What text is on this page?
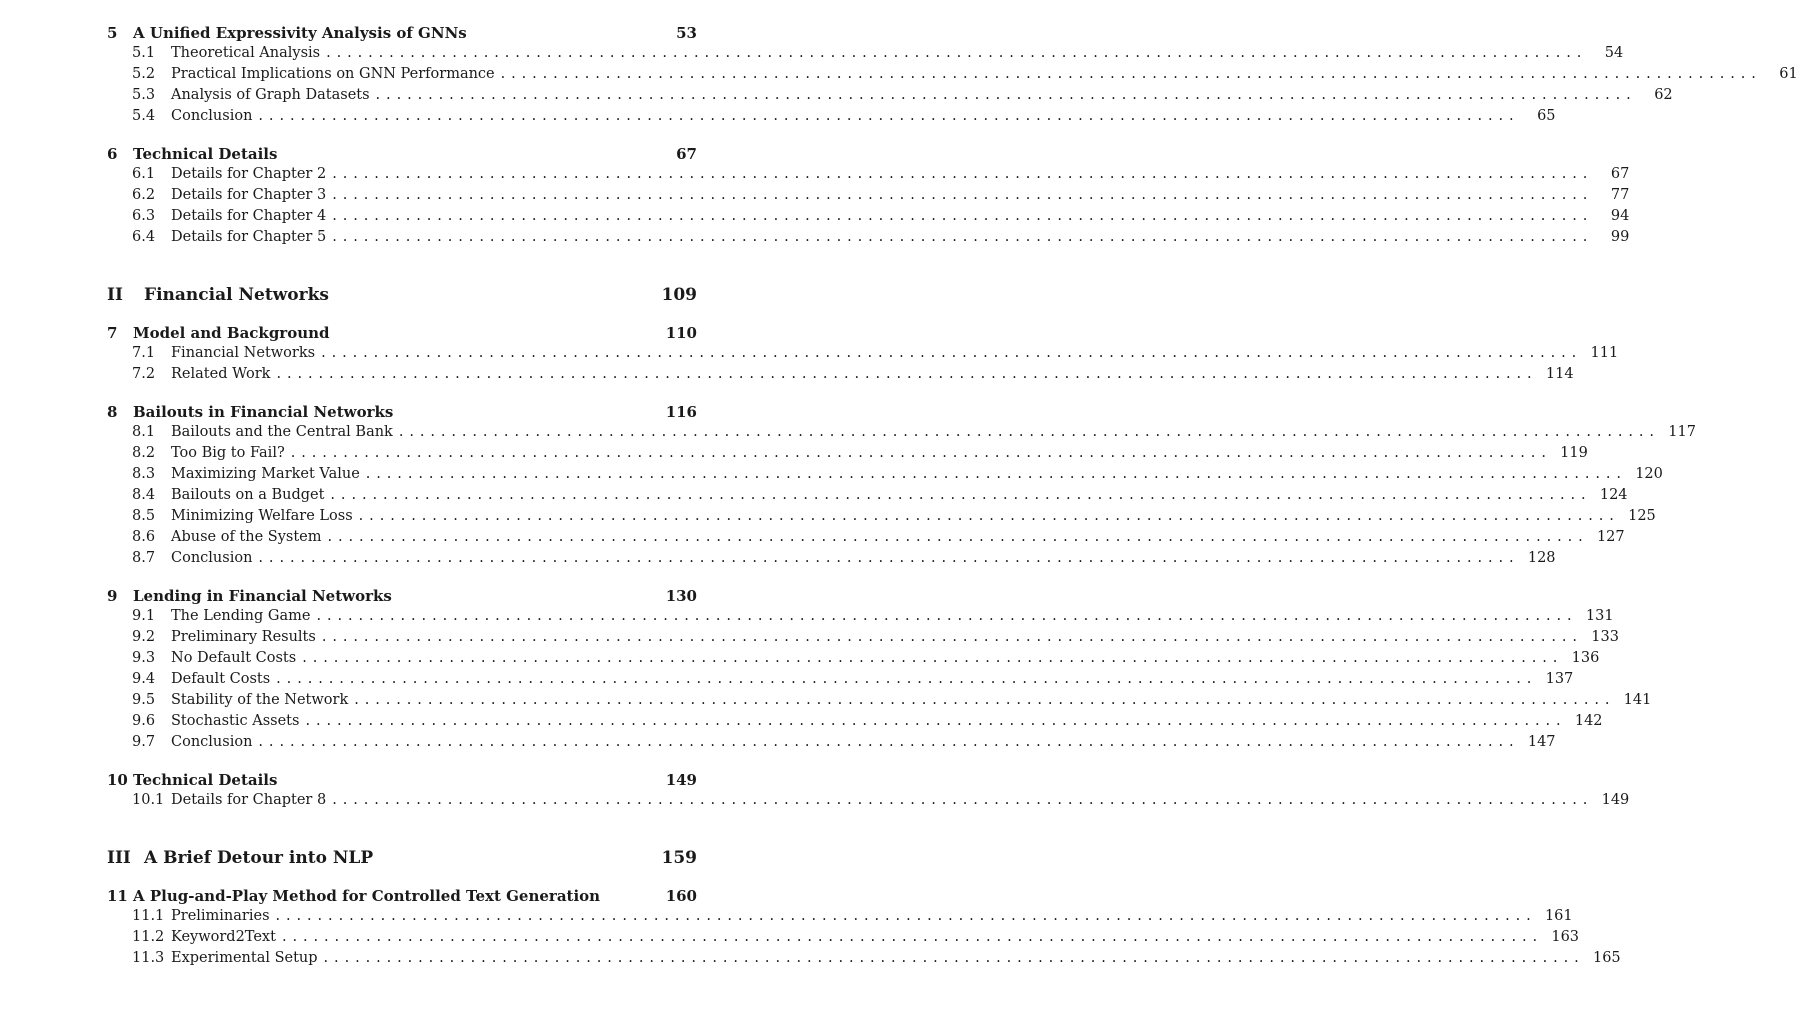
5	A Unified Expressivity Analysis of GNNs	53
5.1	Theoretical Analysis ........................................................................................................................	54
5.2	Practical Implications on GNN Performance ........................................................................................................................	61
5.3	Analysis of Graph Datasets ........................................................................................................................	62
5.4	Conclusion ........................................................................................................................	65
6	Technical Details	67
6.1	Details for Chapter 2 ........................................................................................................................	67
6.2	Details for Chapter 3 ........................................................................................................................	77
6.3	Details for Chapter 4 ........................................................................................................................	94
6.4	Details for Chapter 5 ........................................................................................................................	99
II	Financial Networks	109
7	Model and Background	110
7.1	Financial Networks ........................................................................................................................ 111
7.2	Related Work ........................................................................................................................ 114
8	Bailouts in Financial Networks	116
8.1	Bailouts and the Central Bank ........................................................................................................................ 117
8.2	Too Big to Fail? ........................................................................................................................ 119
8.3	Maximizing Market Value ........................................................................................................................ 120
8.4	Bailouts on a Budget ........................................................................................................................ 124
8.5	Minimizing Welfare Loss ........................................................................................................................ 125
8.6	Abuse of the System ........................................................................................................................ 127
8.7	Conclusion ........................................................................................................................ 128
9	Lending in Financial Networks	130
9.1	The Lending Game ........................................................................................................................ 131
9.2	Preliminary Results ........................................................................................................................ 133
9.3	No Default Costs ........................................................................................................................ 136
9.4	Default Costs ........................................................................................................................ 137
9.5	Stability of the Network ........................................................................................................................ 141
9.6	Stochastic Assets ........................................................................................................................ 142
9.7	Conclusion ........................................................................................................................ 147
10 Technical Details	149
10.1 Details for Chapter 8 ........................................................................................................................ 149
III A Brief Detour into NLP	159
11 A Plug-and-Play Method for Controlled Text Generation	160
11.1 Preliminaries ........................................................................................................................ 161
11.2 Keyword2Text ........................................................................................................................ 163
11.3 Experimental Setup ........................................................................................................................ 165
